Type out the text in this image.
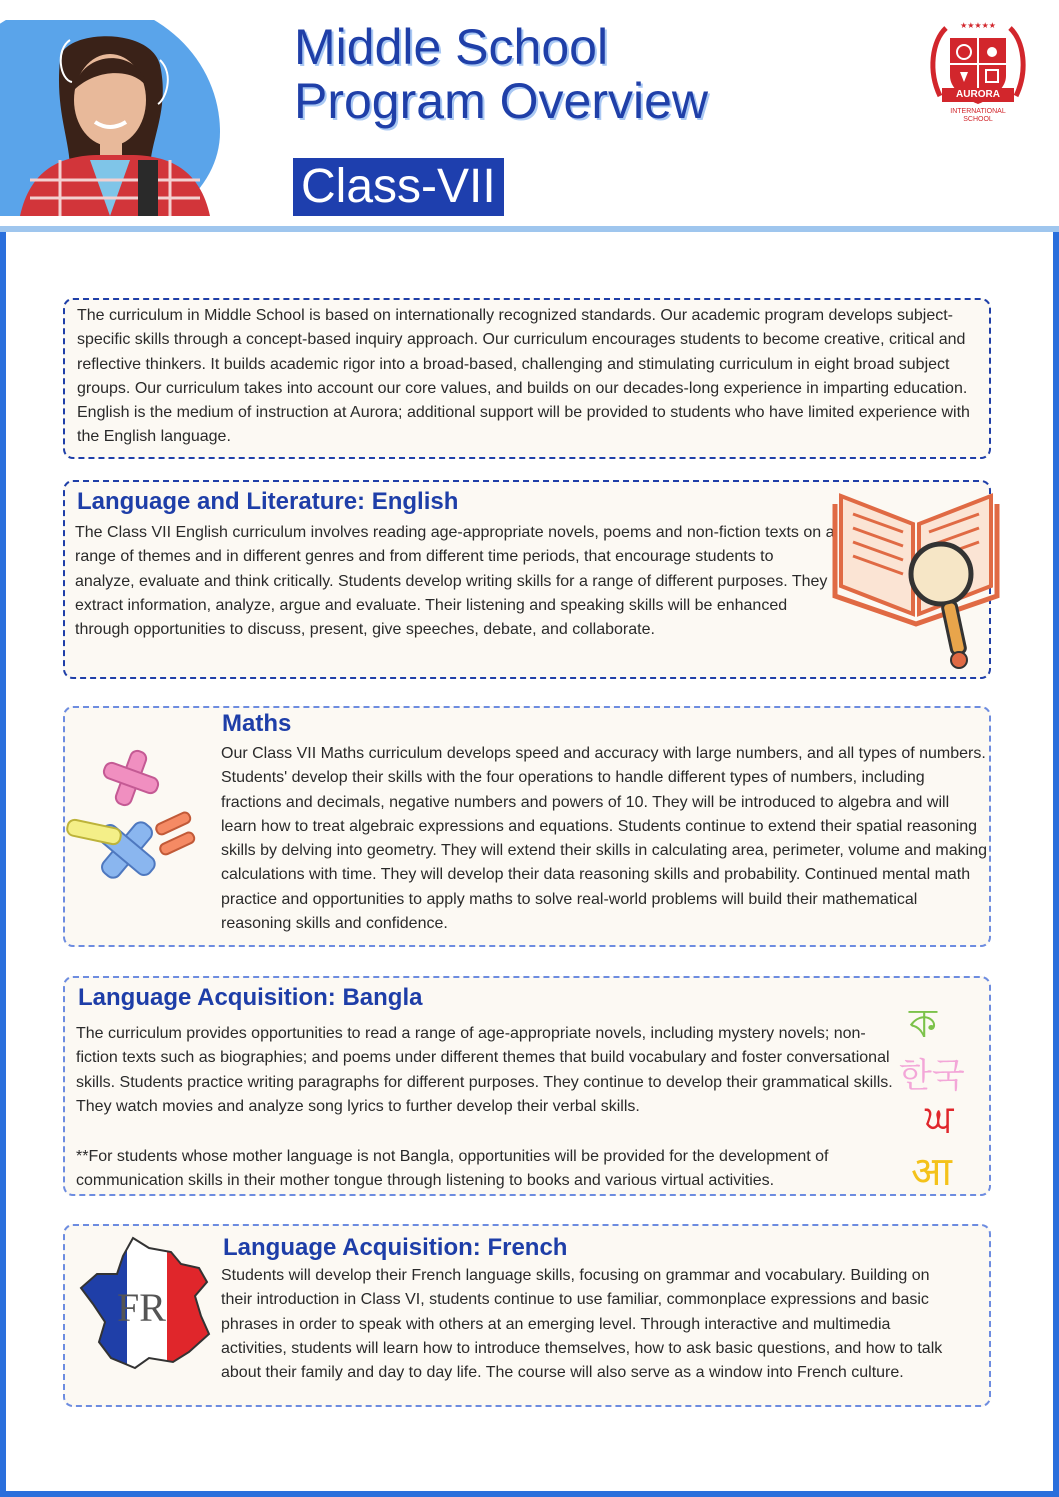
Middle School
Program Overview
Class-VII
★★★★★
AURORA
INTERNATIONAL
SCHOOL
The curriculum in Middle School is based on internationally recognized standards. Our academic program develops subject-specific skills through a concept-based inquiry approach. Our curriculum encourages students to become creative, critical and reflective thinkers. It builds academic rigor into a broad-based, challenging and stimulating curriculum in eight broad subject groups. Our curriculum takes into account our core values, and builds on our decades-long experience in imparting education. English is the medium of instruction at Aurora; additional support will be provided to students who have limited experience with the English language.
Language and Literature: English
The Class VII English curriculum involves reading age-appropriate novels, poems and non-fiction texts on a range of themes and in different genres and from different time periods, that encourage students to analyze, evaluate and think critically. Students develop writing skills for a range of different purposes. They extract information, analyze, argue and evaluate. Their listening and speaking skills will be enhanced through opportunities to discuss, present, give speeches, debate, and collaborate.
Maths
Our Class VII Maths curriculum develops speed and accuracy with large numbers, and all types of numbers. Students' develop their skills with the four operations to handle different types of numbers, including fractions and decimals, negative numbers and powers of 10. They will be introduced to algebra and will learn how to treat algebraic expressions and equations. Students continue to extend their spatial reasoning skills by delving into geometry. They will extend their skills in calculating area, perimeter, volume and making calculations with time. They will develop their data reasoning skills and probability. Continued mental math practice and opportunities to apply maths to solve real-world problems will build their mathematical reasoning skills and confidence.
Language Acquisition: Bangla
The curriculum provides opportunities to read a range of age-appropriate novels, including mystery novels; non-fiction texts such as biographies; and poems under different themes that build vocabulary and foster conversational skills. Students practice writing paragraphs for different purposes. They continue to develop their grammatical skills. They watch movies and analyze song lyrics to further develop their verbal skills.
**For students whose mother language is not Bangla, opportunities will be provided for the development of communication skills in their mother tongue through listening to books and various virtual activities.
ক
한국
ਘ
आ
Language Acquisition: French
Students will develop their French language skills, focusing on grammar and vocabulary. Building on their introduction in Class VI, students continue to use familiar, commonplace expressions and basic phrases in order to speak with others at an emerging level. Through interactive and multimedia activities, students will learn how to introduce themselves, how to ask basic questions, and how to talk about their family and day to day life. The course will also serve as a window into French culture.
FR
